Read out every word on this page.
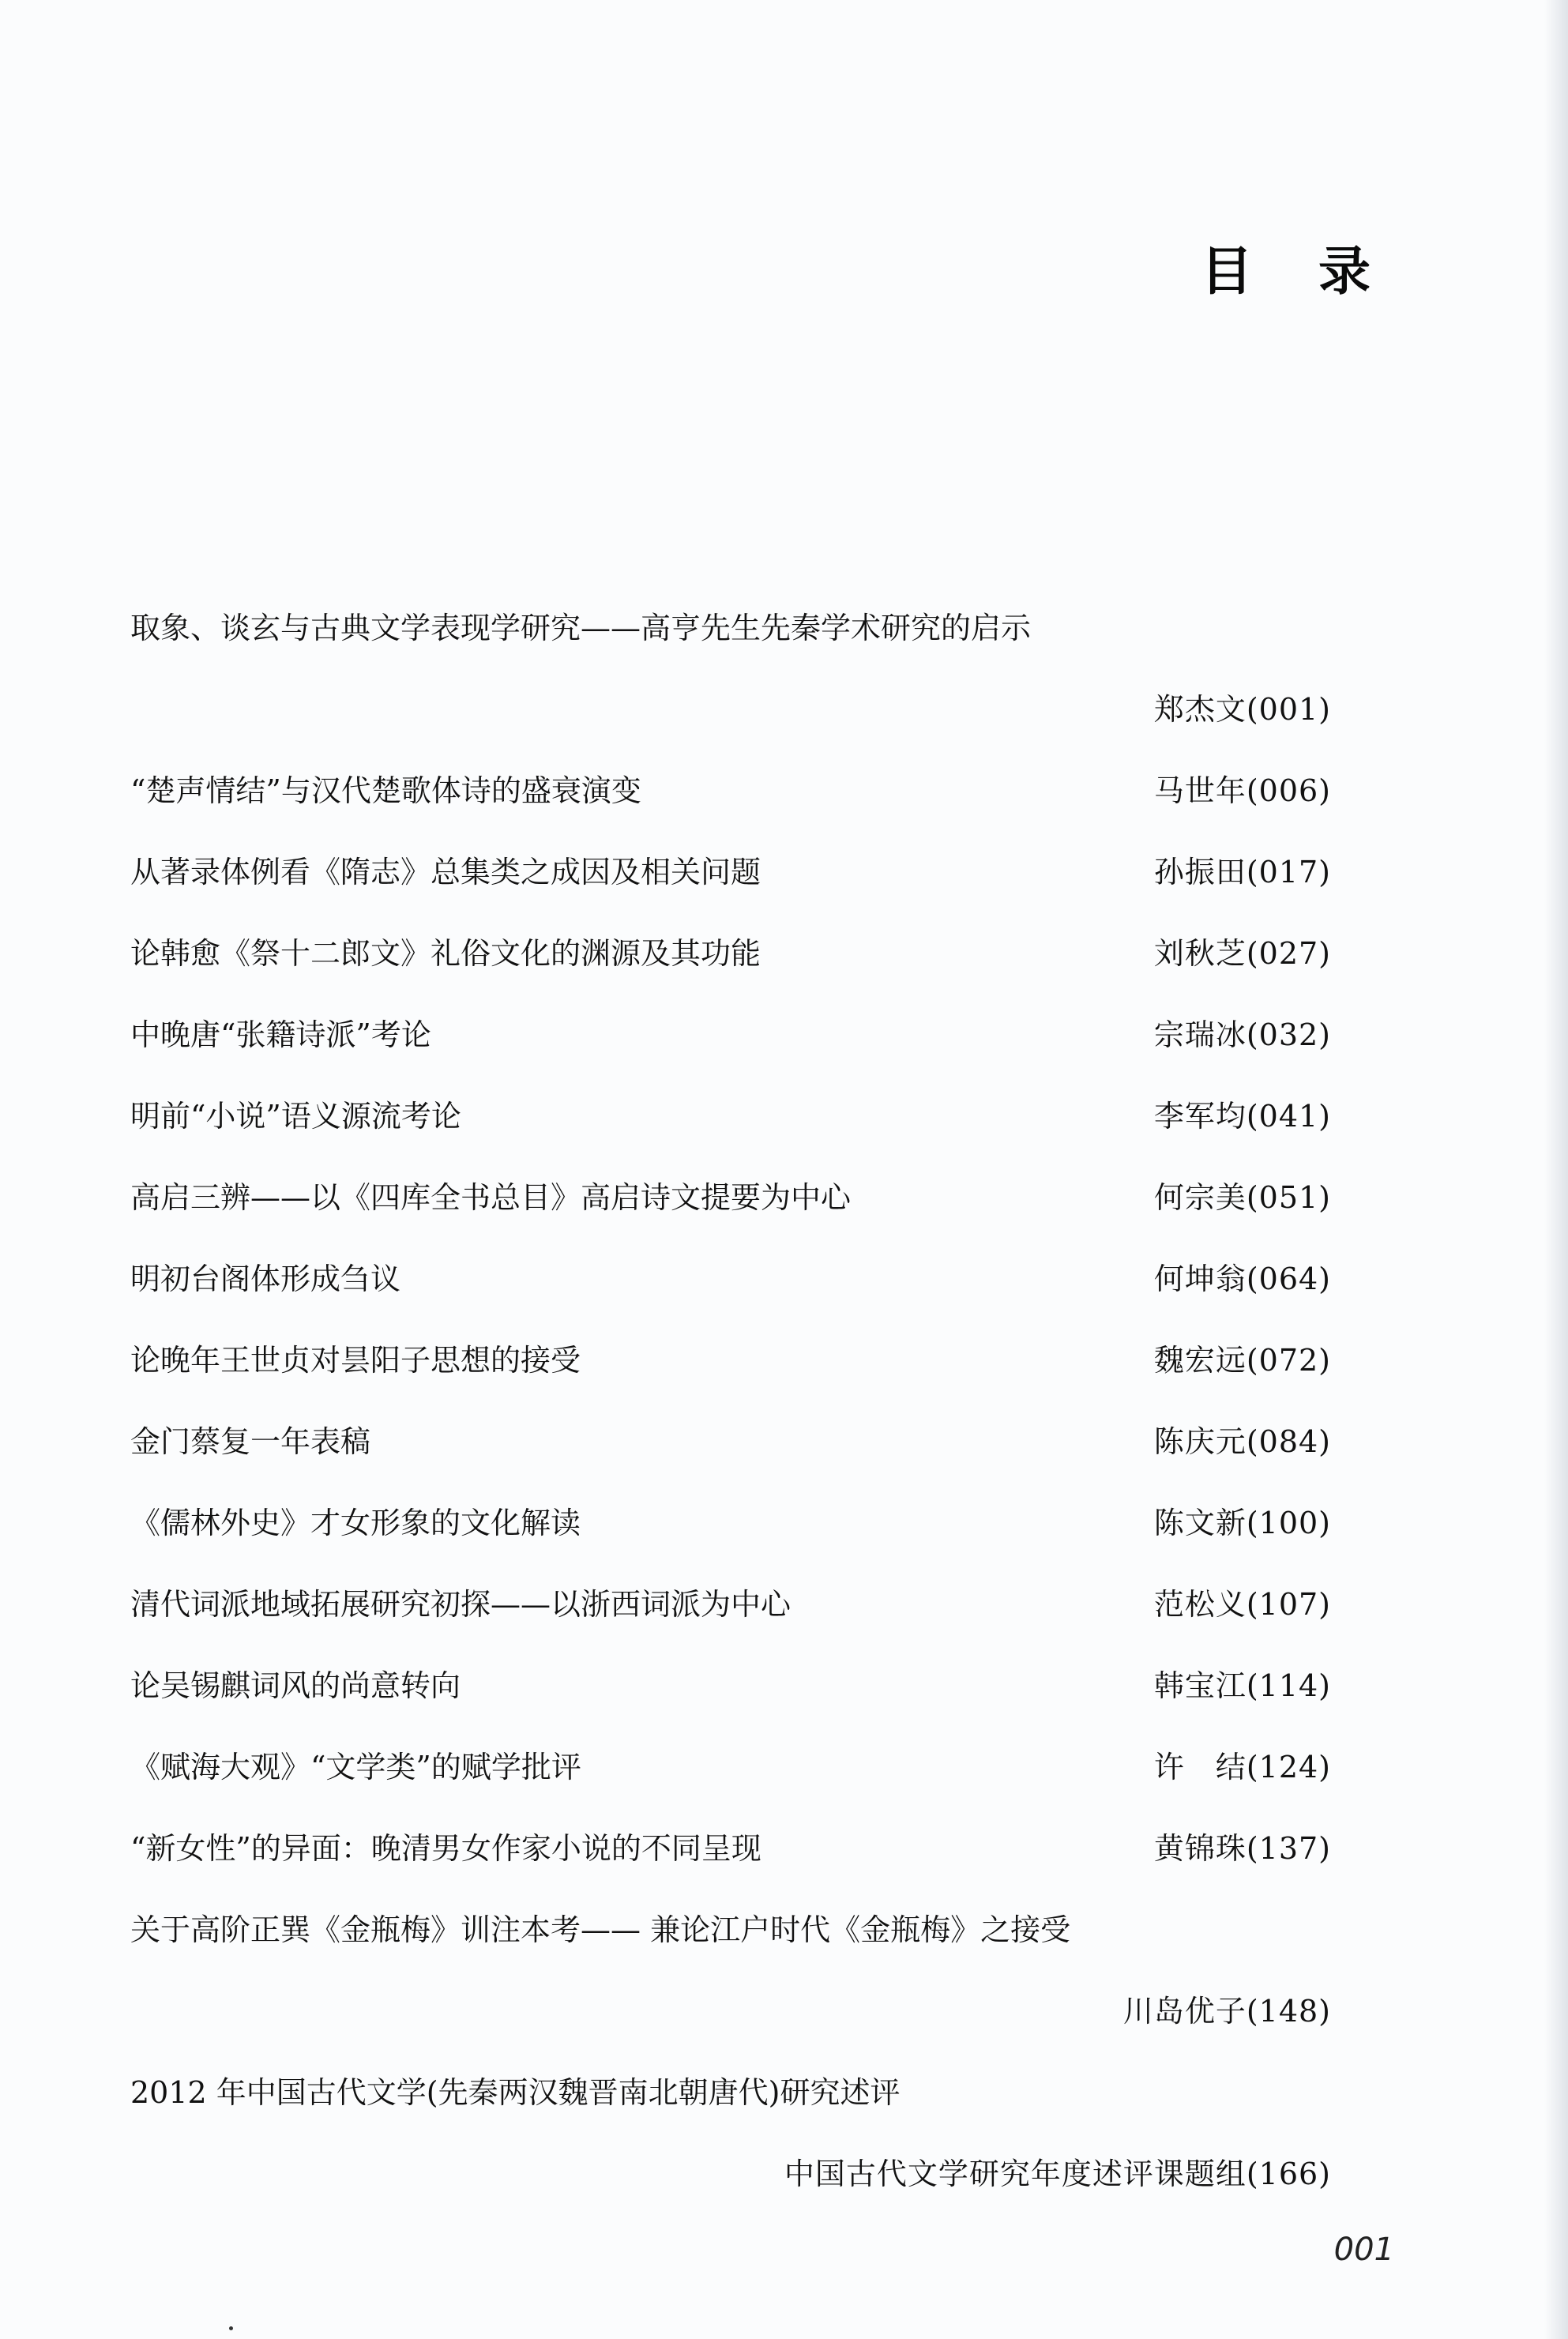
目 录
取象、谈玄与古典文学表现学研究——高亨先生先秦学术研究的启示
郑杰文(001)
“楚声情结”与汉代楚歌体诗的盛衰演变	马世年(006)
从著录体例看《隋志》总集类之成因及相关问题	孙振田(017)
论韩愈《祭十二郎文》礼俗文化的渊源及其功能	刘秋芝(027)
中晚唐“张籍诗派”考论	宗瑞冰(032)
明前“小说”语义源流考论	李军均(041)
高启三辨——以《四库全书总目》高启诗文提要为中心	何宗美(051)
明初台阁体形成刍议	何坤翁(064)
论晚年王世贞对昙阳子思想的接受	魏宏远(072)
金门蔡复一年表稿	陈庆元(084)
《儒林外史》才女形象的文化解读	陈文新(100)
清代词派地域拓展研究初探——以浙西词派为中心	范松义(107)
论吴锡麒词风的尚意转向	韩宝江(114)
《赋海大观》“文学类”的赋学批评	许　结(124)
“新女性”的异面：晚清男女作家小说的不同呈现	黄锦珠(137)
关于高阶正巽《金瓶梅》训注本考—— 兼论江户时代《金瓶梅》之接受
川岛优子(148)
2012 年中国古代文学(先秦两汉魏晋南北朝唐代)研究述评
中国古代文学研究年度述评课题组(166)
001
